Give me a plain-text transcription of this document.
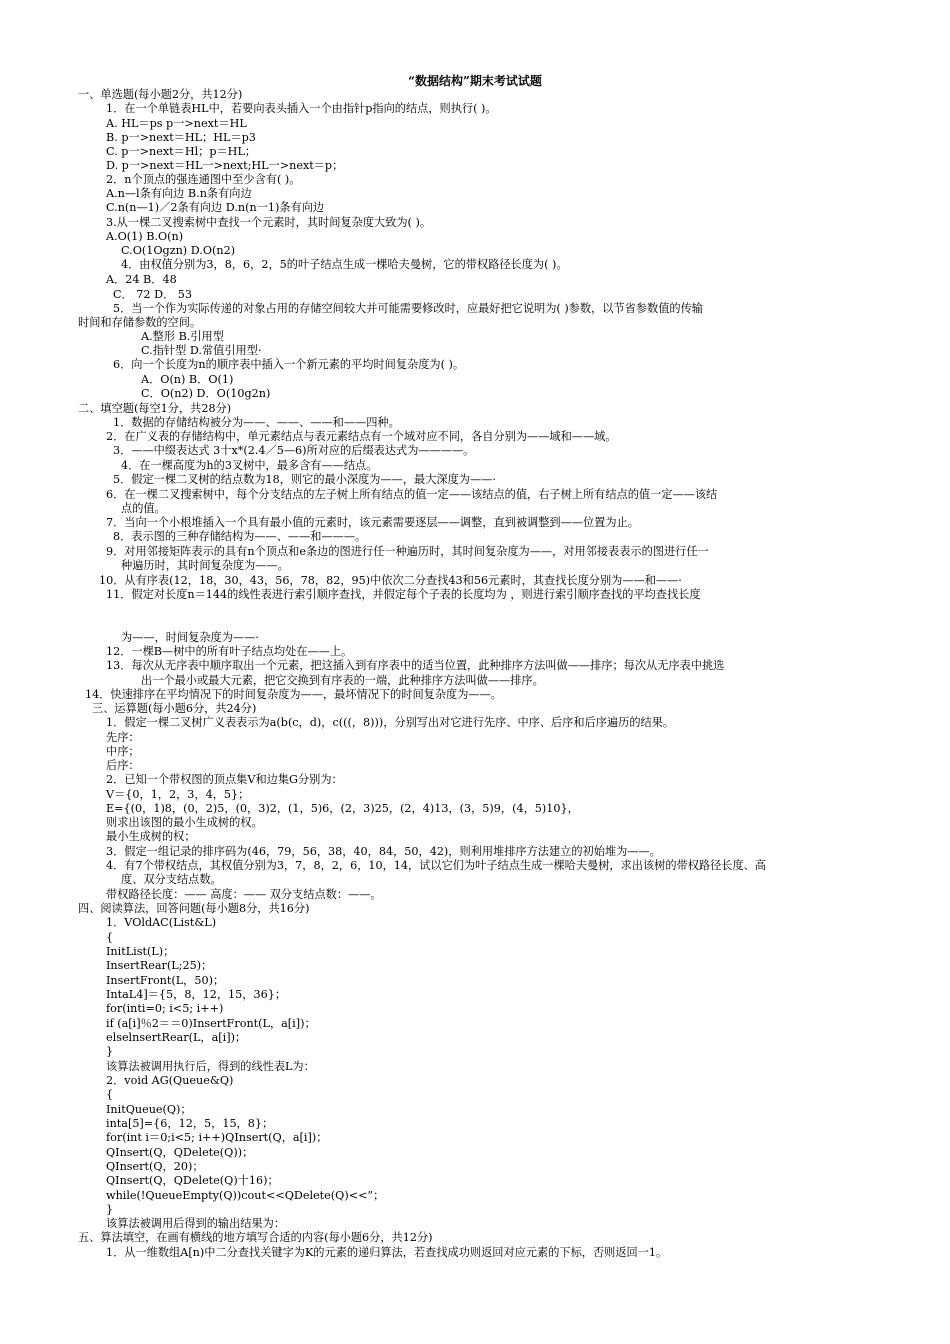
“数据结构”期末考试试题
一、单选题(每小题2分，共12分)
1．在一个单链表HL中，若要向表头插入一个由指针p指向的结点，则执行( )。
A. HL＝ps p一>next＝HL
B. p一>next＝HL；HL＝p3
C. p一>next＝Hl；p＝HL；
D. p一>next＝HL一>next;HL一>next＝p；
2．n个顶点的强连通图中至少含有( )。
A.n—l条有向边 B.n条有向边
C.n(n—1)／2条有向边 D.n(n一1)条有向边
3.从一棵二叉搜索树中查找一个元素时，其时间复杂度大致为( )。
A.O(1) B.O(n)
C.O(1Ogzn) D.O(n2)
4．由权值分别为3，8，6，2，5的叶子结点生成一棵哈夫曼树，它的带权路径长度为( )。
A．24 B．48
C． 72 D． 53
5．当一个作为实际传递的对象占用的存储空间较大并可能需要修改时，应最好把它说明为( )参数，以节省参数值的传输
时间和存储参数的空间。
A.整形 B.引用型
C.指针型 D.常值引用型·
6．向一个长度为n的顺序表中插入一个新元素的平均时间复杂度为( )。
A．O(n) B．O(1)
C．O(n2) D．O(10g2n)
二、填空题(每空1分，共28分)
1．数据的存储结构被分为——、——、——和——四种。
2．在广义表的存储结构中，单元素结点与表元素结点有一个域对应不同，各自分别为——域和——域。
3．——中缀表达式 3十x*(2.4／5—6)所对应的后缀表达式为————。
4．在一棵高度为h的3叉树中，最多含有——结点。
5．假定一棵二叉树的结点数为18，则它的最小深度为——，最大深度为——·
6．在一棵二叉搜索树中，每个分支结点的左子树上所有结点的值一定——该结点的值，右子树上所有结点的值一定——该结
点的值。
7．当向一个小根堆插入一个具有最小值的元素时，该元素需要逐层——调整，直到被调整到——位置为止。
8．表示图的三种存储结构为——、——和———。
9．对用邻接矩阵表示的具有n个顶点和e条边的图进行任一种遍历时，其时间复杂度为——，对用邻接表表示的图进行任一
种遍历时，其时间复杂度为——。
10．从有序表(12，18，30，43，56，78，82，95)中依次二分查找43和56元素时，其查找长度分别为——和——·
11．假定对长度n＝144的线性表进行索引顺序查找，并假定每个子表的长度均为 ，则进行索引顺序查找的平均查找长度
为——，时间复杂度为——·
12．一棵B—树中的所有叶子结点均处在——上。
13．每次从无序表中顺序取出一个元素，把这插入到有序表中的适当位置，此种排序方法叫做——排序；每次从无序表中挑选
出一个最小或最大元素，把它交换到有序表的一端，此种排序方法叫做——排序。
14．快速排序在平均情况下的时间复杂度为——，最坏情况下的时间复杂度为——。
三、运算题(每小题6分，共24分)
1．假定一棵二叉树广义表表示为a(b(c，d)，c(((，8)))，分别写出对它进行先序、中序、后序和后序遍历的结果。
先序：
中序；
后序：
2．已知一个带权图的顶点集V和边集G分别为：
V＝{0，1，2，3，4，5}；
E={(0，1)8，(0，2)5，(0，3)2，(1，5)6，(2，3)25，(2，4)13，(3，5)9，(4，5)10}，
则求出该图的最小生成树的权。
最小生成树的权；
3．假定一组记录的排序码为(46，79，56，38，40，84，50，42)，则利用堆排序方法建立的初始堆为——。
4．有7个带权结点，其权值分别为3，7，8，2，6，10，14，试以它们为叶子结点生成一棵哈夫曼树，求出该树的带权路径长度、高
度、双分支结点数。
带权路径长度：—— 高度：—— 双分支结点数：——。
四、阅读算法，回答问题(每小题8分，共16分)
1．VOldAC(List&L)
{
InitList(L)；
InsertRear(L;25)；
InsertFront(L，50)；
IntaL4]＝{5，8，12，15，36}；
for(inti=0; i<5; i++)
if (a[i]％2＝＝0)InsertFront(L，a[i])；
elselnsertRear(L，a[i])；
}
该算法被调用执行后，得到的线性表L为：
2．void AG(Queue&Q)
{
InitQueue(Q)；
inta[5]={6，12，5，15，8}；
for(int i＝0;i<5; i++)QInsert(Q，a[i])；
QInsert(Q，QDelete(Q))；
QInsert(Q，20)；
QInsert(Q，QDelete(Q)十16)；
while(!QueueEmpty(Q))cout<<QDelete(Q)<<”；
}
该算法被调用后得到的输出结果为：
五、算法填空，在画有横线的地方填写合适的内容(每小题6分，共12分)
1．从一维数组A[n)中二分查找关键字为K的元素的递归算法，若查找成功则返回对应元素的下标，否则返回一1。
